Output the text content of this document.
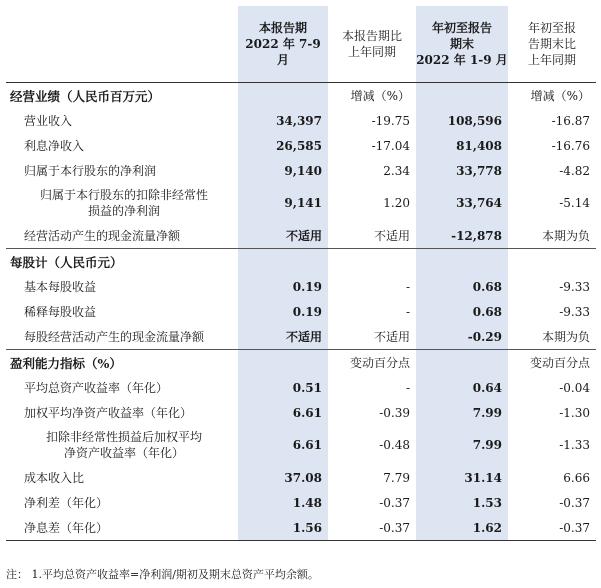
	本报告期
2022 年 7-9 月	本报告期比
上年同期	年初至报告
期末
2022 年 1-9 月	年初至报
告期末比
上年同期
经营业绩（人民币百万元）		增减（%）		增减（%）
营业收入	34,397	-19.75	108,596	-16.87
利息净收入	26,585	-17.04	81,408	-16.76
归属于本行股东的净利润	9,140	2.34	33,778	-4.82
归属于本行股东的扣除非经常性
损益的净利润	9,141	1.20	33,764	-5.14
经营活动产生的现金流量净额	不适用	不适用	-12,878	本期为负
每股计（人民币元）				
基本每股收益	0.19	-	0.68	-9.33
稀释每股收益	0.19	-	0.68	-9.33
每股经营活动产生的现金流量净额	不适用	不适用	-0.29	本期为负
盈利能力指标（%）		变动百分点		变动百分点
平均总资产收益率（年化）	0.51	-	0.64	-0.04
加权平均净资产收益率（年化）	6.61	-0.39	7.99	-1.30
扣除非经常性损益后加权平均
净资产收益率（年化）	6.61	-0.48	7.99	-1.33
成本收入比	37.08	7.79	31.14	6.66
净利差（年化）	1.48	-0.37	1.53	-0.37
净息差（年化）	1.56	-0.37	1.62	-0.37
注： 1.平均总资产收益率=净利润/期初及期末总资产平均余额。
